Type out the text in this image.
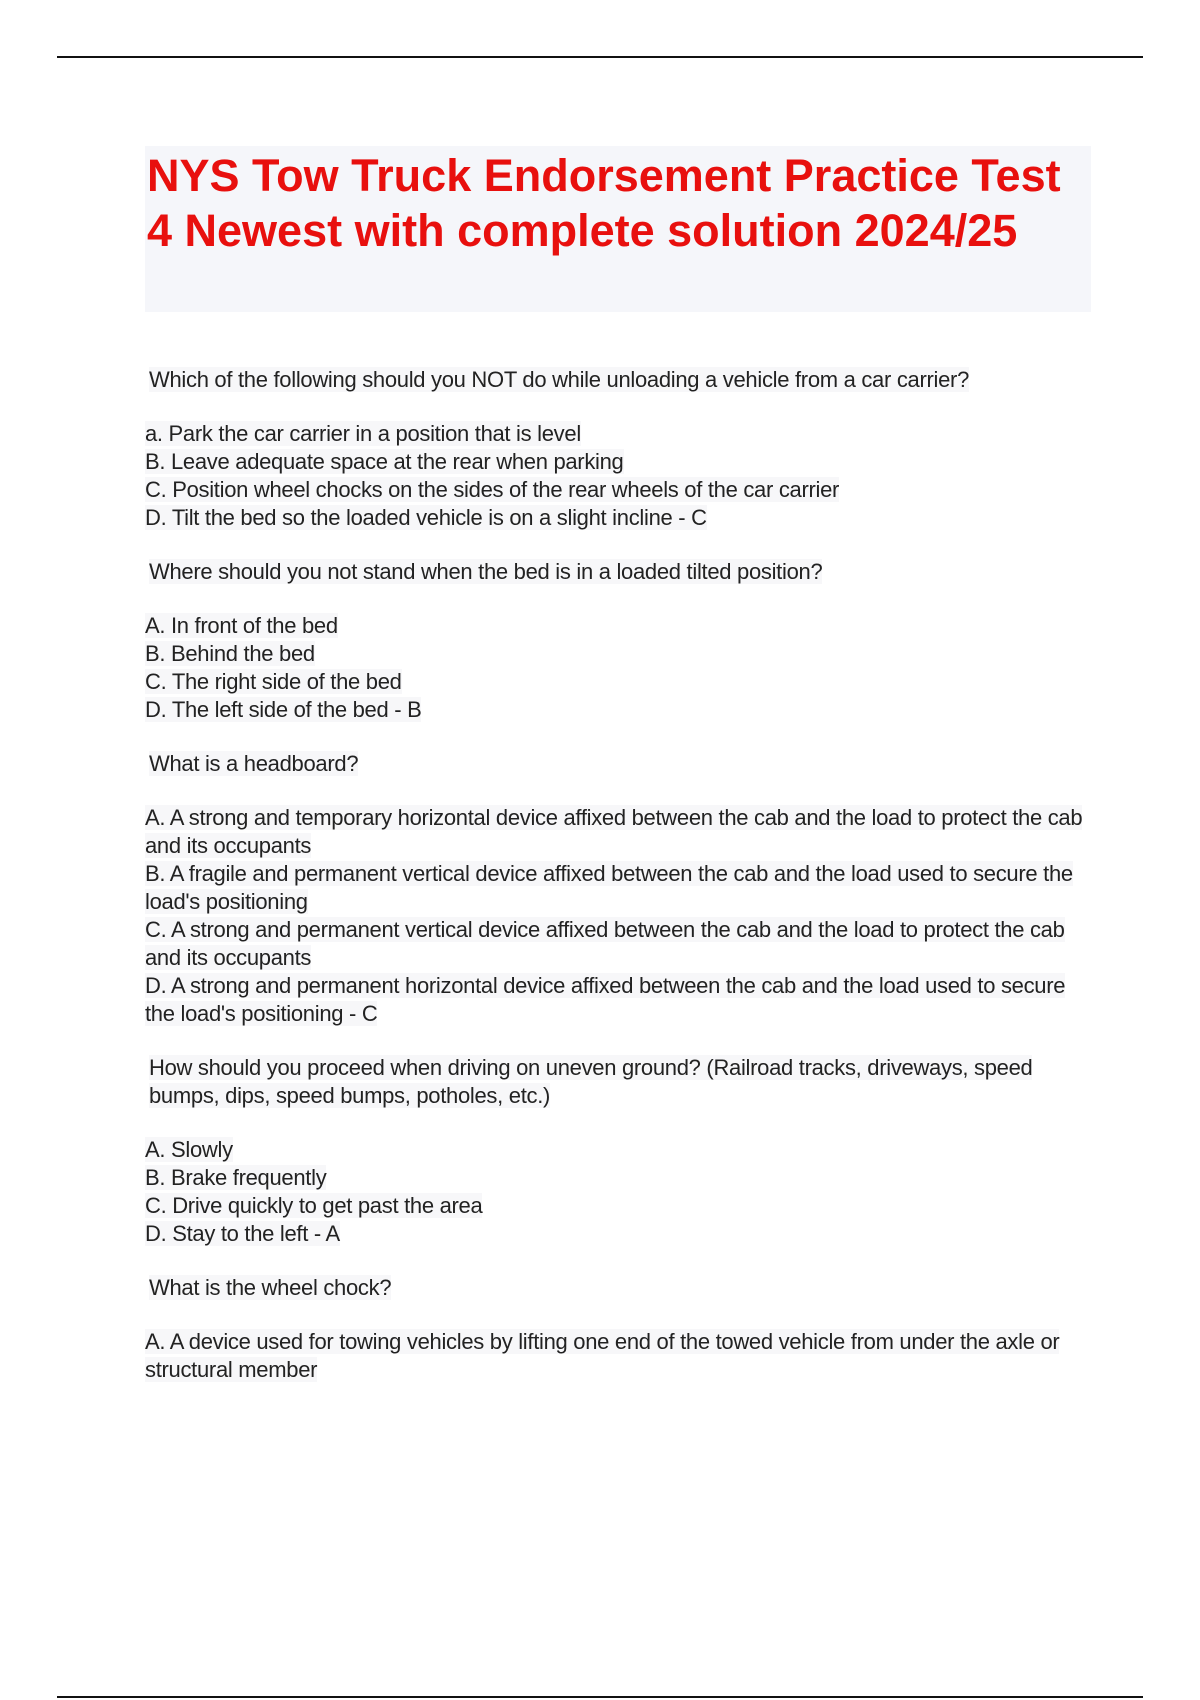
NYS Tow Truck Endorsement Practice Test 4 Newest with complete solution 2024/25

Which of the following should you NOT do while unloading a vehicle from a car carrier?

a. Park the car carrier in a position that is level
B. Leave adequate space at the rear when parking
C. Position wheel chocks on the sides of the rear wheels of the car carrier
D. Tilt the bed so the loaded vehicle is on a slight incline - C

Where should you not stand when the bed is in a loaded tilted position?

A. In front of the bed
B. Behind the bed
C. The right side of the bed
D. The left side of the bed - B

What is a headboard?

A. A strong and temporary horizontal device affixed between the cab and the load to protect the cab and its occupants
B. A fragile and permanent vertical device affixed between the cab and the load used to secure the load's positioning
C. A strong and permanent vertical device affixed between the cab and the load to protect the cab and its occupants
D. A strong and permanent horizontal device affixed between the cab and the load used to secure the load's positioning - C

How should you proceed when driving on uneven ground? (Railroad tracks, driveways, speed bumps, dips, speed bumps, potholes, etc.)

A. Slowly
B. Brake frequently
C. Drive quickly to get past the area
D. Stay to the left - A

What is the wheel chock?

A. A device used for towing vehicles by lifting one end of the towed vehicle from under the axle or structural member
